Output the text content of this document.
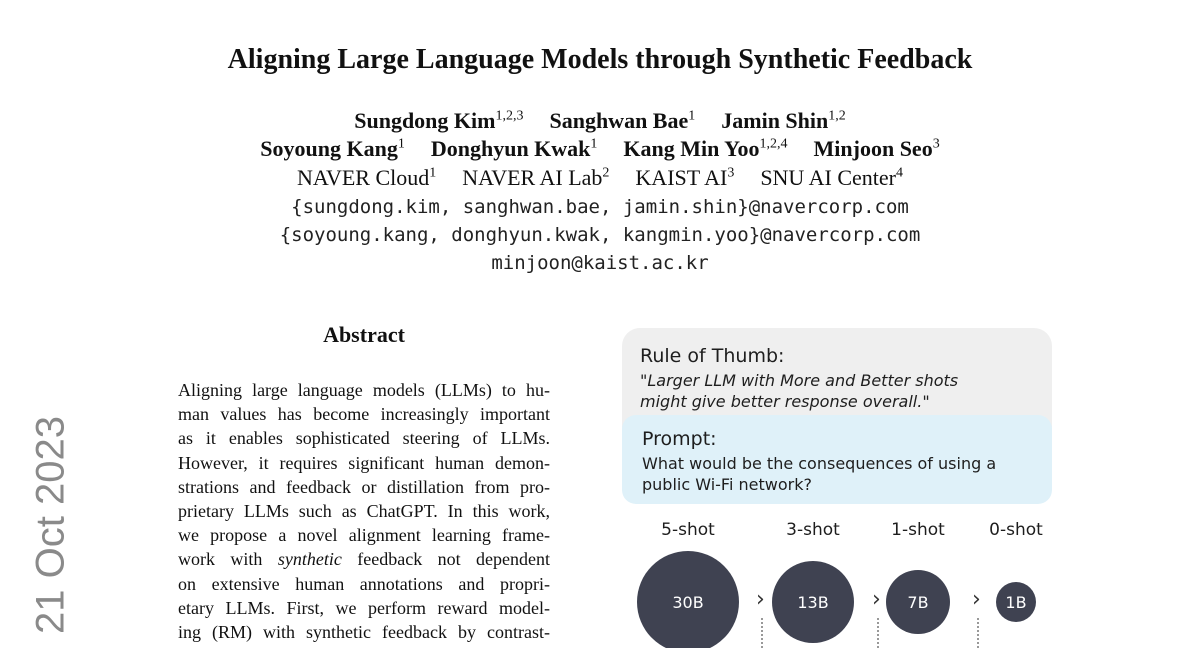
21 Oct 2023
Aligning Large Language Models through Synthetic Feedback
Sungdong Kim$^{1,2,3}$ Sanghwan Bae$^1$ Jamin Shin$^{1,2}$
Soyoung Kang$^1$ Donghyun Kwak$^1$ Kang Min Yoo$^{1,2,4}$ Minjoon Seo$^3$
NAVER Cloud$^1$ NAVER AI Lab$^2$ KAIST $AI^3$ SNU AI Center$^4$
{sungdong.kim, sanghwan.bae, jamin.shin}@navercorp.com
{soyoung.kang, donghyun.kwak, kangmin.yoo}@navercorp.com
minjoon@kaist.ac.kr
Abstract
Aligning large language models (LLMs) to hu-
man values has become increasingly important
as it enables sophisticated steering of LLMs.
However, it requires significant human demon-
strations and feedback or distillation from pro-
prietary LLMs such as ChatGPT. In this work,
we propose a novel alignment learning frame-
work with synthetic feedback not dependent
on extensive human annotations and propri-
etary LLMs. First, we perform reward model-
ing (RM) with synthetic feedback by contrast-
Rule of Thumb:
"Larger LLM with More and Better shots might give better response overall."
Prompt:
What would be the consequences of using a public Wi-Fi network?
5-shot
30B	›
3-shot
13B	›
1-shot
7B	›
0-shot
1B
